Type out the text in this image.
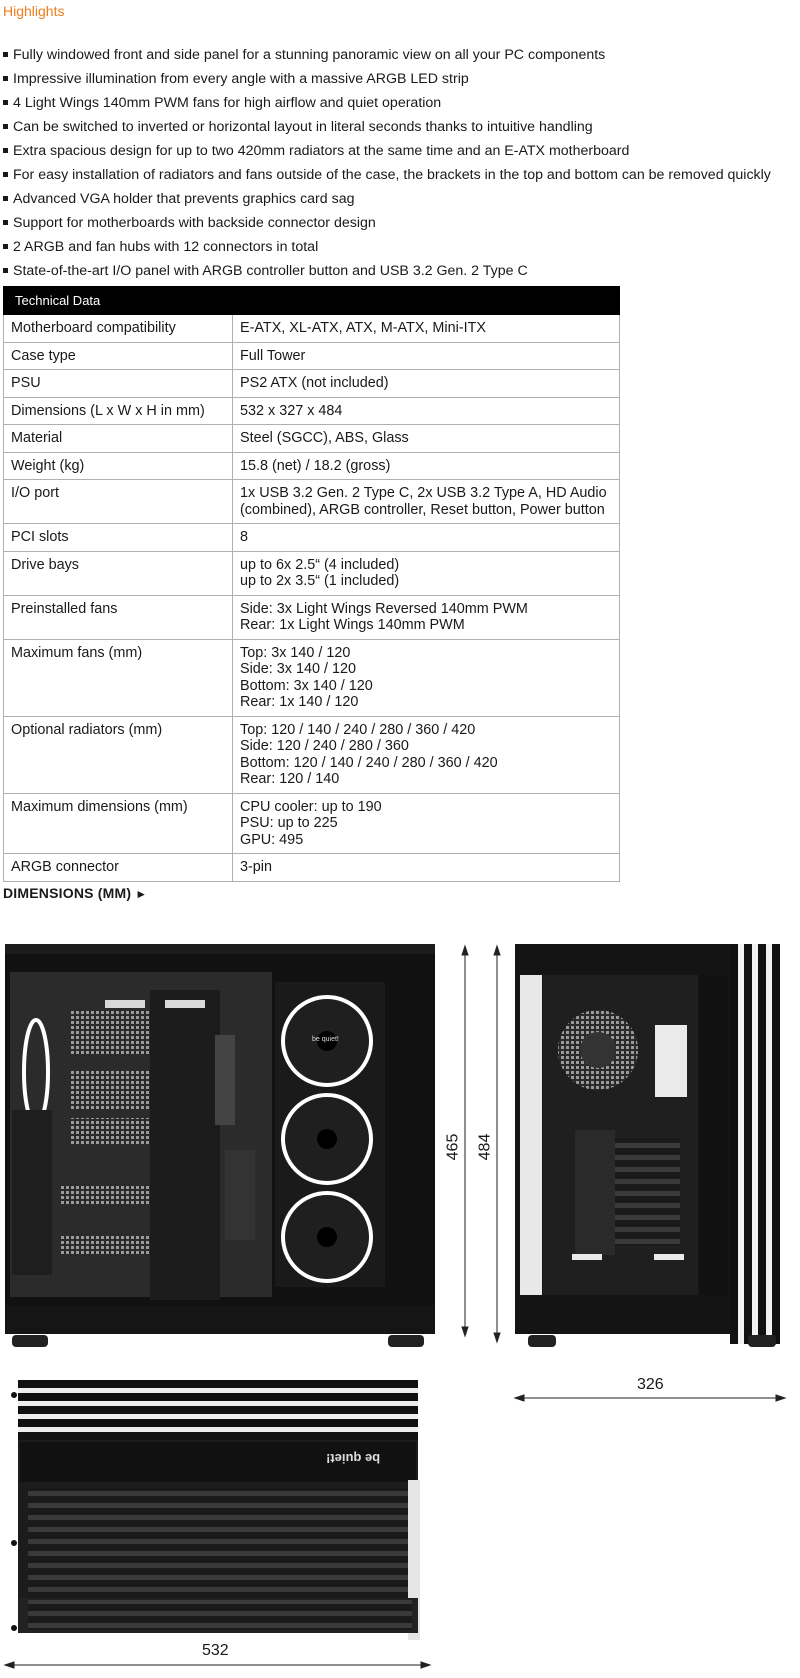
Highlights
Fully windowed front and side panel for a stunning panoramic view on all your PC components
Impressive illumination from every angle with a massive ARGB LED strip
4 Light Wings 140mm PWM fans for high airflow and quiet operation
Can be switched to inverted or horizontal layout in literal seconds thanks to intuitive handling
Extra spacious design for up to two 420mm radiators at the same time and an E-ATX motherboard
For easy installation of radiators and fans outside of the case, the brackets in the top and bottom can be removed quickly
Advanced VGA holder that prevents graphics card sag
Support for motherboards with backside connector design
2 ARGB and fan hubs with 12 connectors in total
State-of-the-art I/O panel with ARGB controller button and USB 3.2 Gen. 2 Type C
Technical Data	
Motherboard compatibility	E-ATX, XL-ATX, ATX, M-ATX, Mini-ITX

Case type	Full Tower

PSU	PS2 ATX (not included)

Dimensions (L x W x H in mm)	532 x 327 x 484

Material	Steel (SGCC), ABS, Glass

Weight (kg)	15.8 (net) / 18.2 (gross)

I/O port	1x USB 3.2 Gen. 2 Type C, 2x USB 3.2 Type A, HD Audio
(combined), ARGB controller, Reset button, Power button

PCI slots	8

Drive bays	up to 6x 2.5“ (4 included)
up to 2x 3.5“ (1 included)

Preinstalled fans	Side: 3x Light Wings Reversed 140mm PWM
Rear: 1x Light Wings 140mm PWM

Maximum fans (mm)	Top: 3x 140 / 120
Side: 3x 140 / 120
Bottom: 3x 140 / 120
Rear: 1x 140 / 120

Optional radiators (mm)	Top: 120 / 140 / 240 / 280 / 360 / 420
Side: 120 / 240 / 280 / 360
Bottom: 120 / 140 / 240 / 280 / 360 / 420
Rear: 120 / 140

Maximum dimensions (mm)	CPU cooler: up to 190
PSU: up to 225
GPU: 495

ARGB connector	3-pin
DIMENSIONS (MM) ►
465 484
326
532
be quiet!
be quiet!
